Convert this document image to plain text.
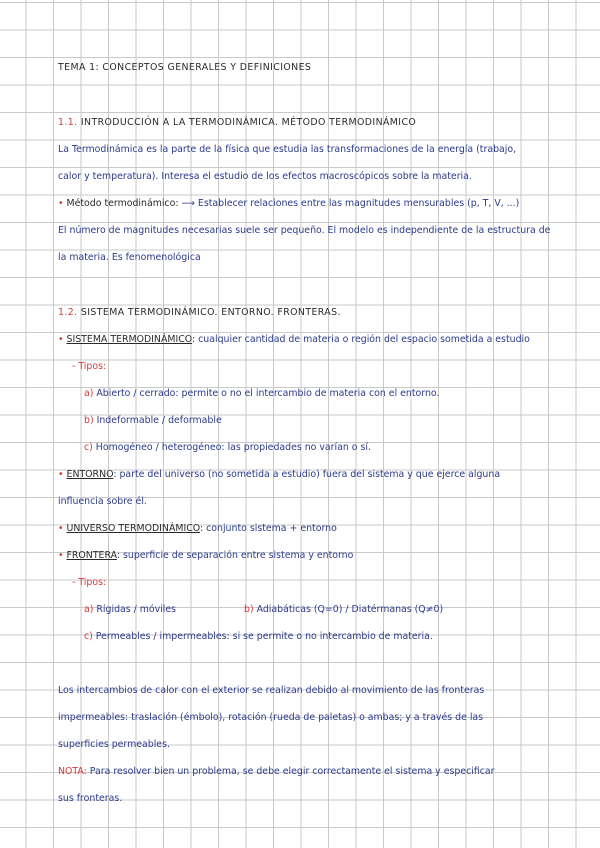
TEMA 1: CONCEPTOS GENERALES Y DEFINICIONES
1.1. INTRODUCCIÓN A LA TERMODINÁMICA. MÉTODO TERMODINÁMICO
La Termodinámica es la parte de la física que estudia las transformaciones de la energía (trabajo,
calor y temperatura). Interesa el estudio de los efectos macroscópicos sobre la materia.
• Método termodinámico: ⟶ Establecer relaciones entre las magnitudes mensurables (p, T, V, ...)
El número de magnitudes necesarias suele ser pequeño. El modelo es independiente de la estructura de
la materia. Es fenomenológica
1.2. SISTEMA TERMODINÁMICO. ENTORNO. FRONTERAS.
• SISTEMA TERMODINÁMICO: cualquier cantidad de materia o región del espacio sometida a estudio
- Tipos:
a) Abierto / cerrado: permite o no el intercambio de materia con el entorno.
b) Indeformable / deformable
c) Homogéneo / heterogéneo: las propiedades no varían o sí.
• ENTORNO: parte del universo (no sometida a estudio) fuera del sistema y que ejerce alguna
influencia sobre él.
• UNIVERSO TERMODINÁMICO: conjunto sistema + entorno
• FRONTERA: superficie de separación entre sistema y entorno
- Tipos:
a) Rígidas / móviles	b) Adiabáticas (Q=0) / Diatérmanas (Q≠0)
c) Permeables / impermeables: si se permite o no intercambio de materia.
Los intercambios de calor con el exterior se realizan debido al movimiento de las fronteras
impermeables: traslación (émbolo), rotación (rueda de paletas) o ambas; y a través de las
superficies permeables.
NOTA: Para resolver bien un problema, se debe elegir correctamente el sistema y especificar
sus fronteras.
